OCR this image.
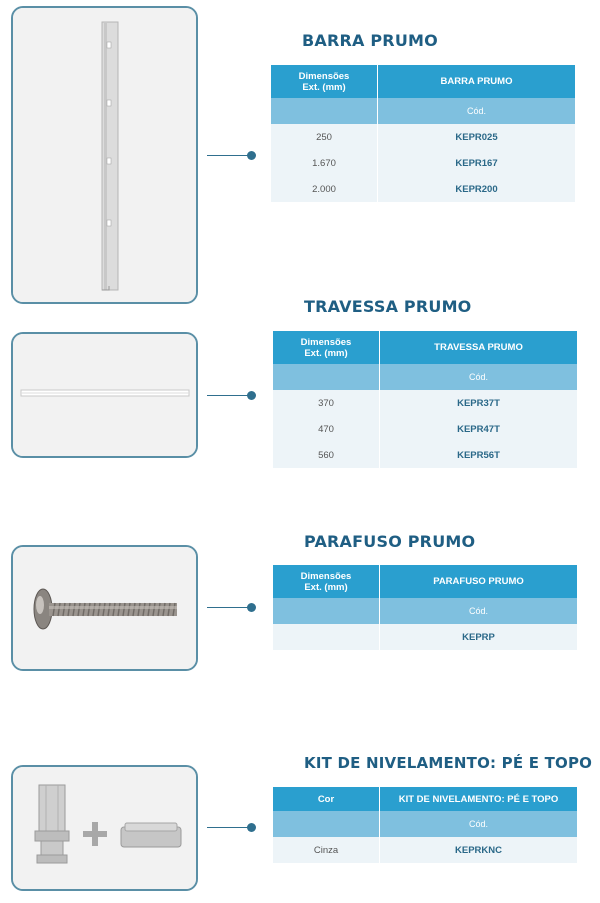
BARRA PRUMO
Dimensões
Ext. (mm)	BARRA PRUMO
	Cód.
250	KEPR025
1.670	KEPR167
2.000	KEPR200
TRAVESSA PRUMO
Dimensões
Ext. (mm)	TRAVESSA PRUMO
	Cód.
370	KEPR37T
470	KEPR47T
560	KEPR56T
PARAFUSO PRUMO
Dimensões
Ext. (mm)	PARAFUSO PRUMO
	Cód.
	KEPRP
KIT DE NIVELAMENTO: PÉ E TOPO
Cor	KIT DE NIVELAMENTO: PÉ E TOPO
	Cód.
Cinza	KEPRKNC
